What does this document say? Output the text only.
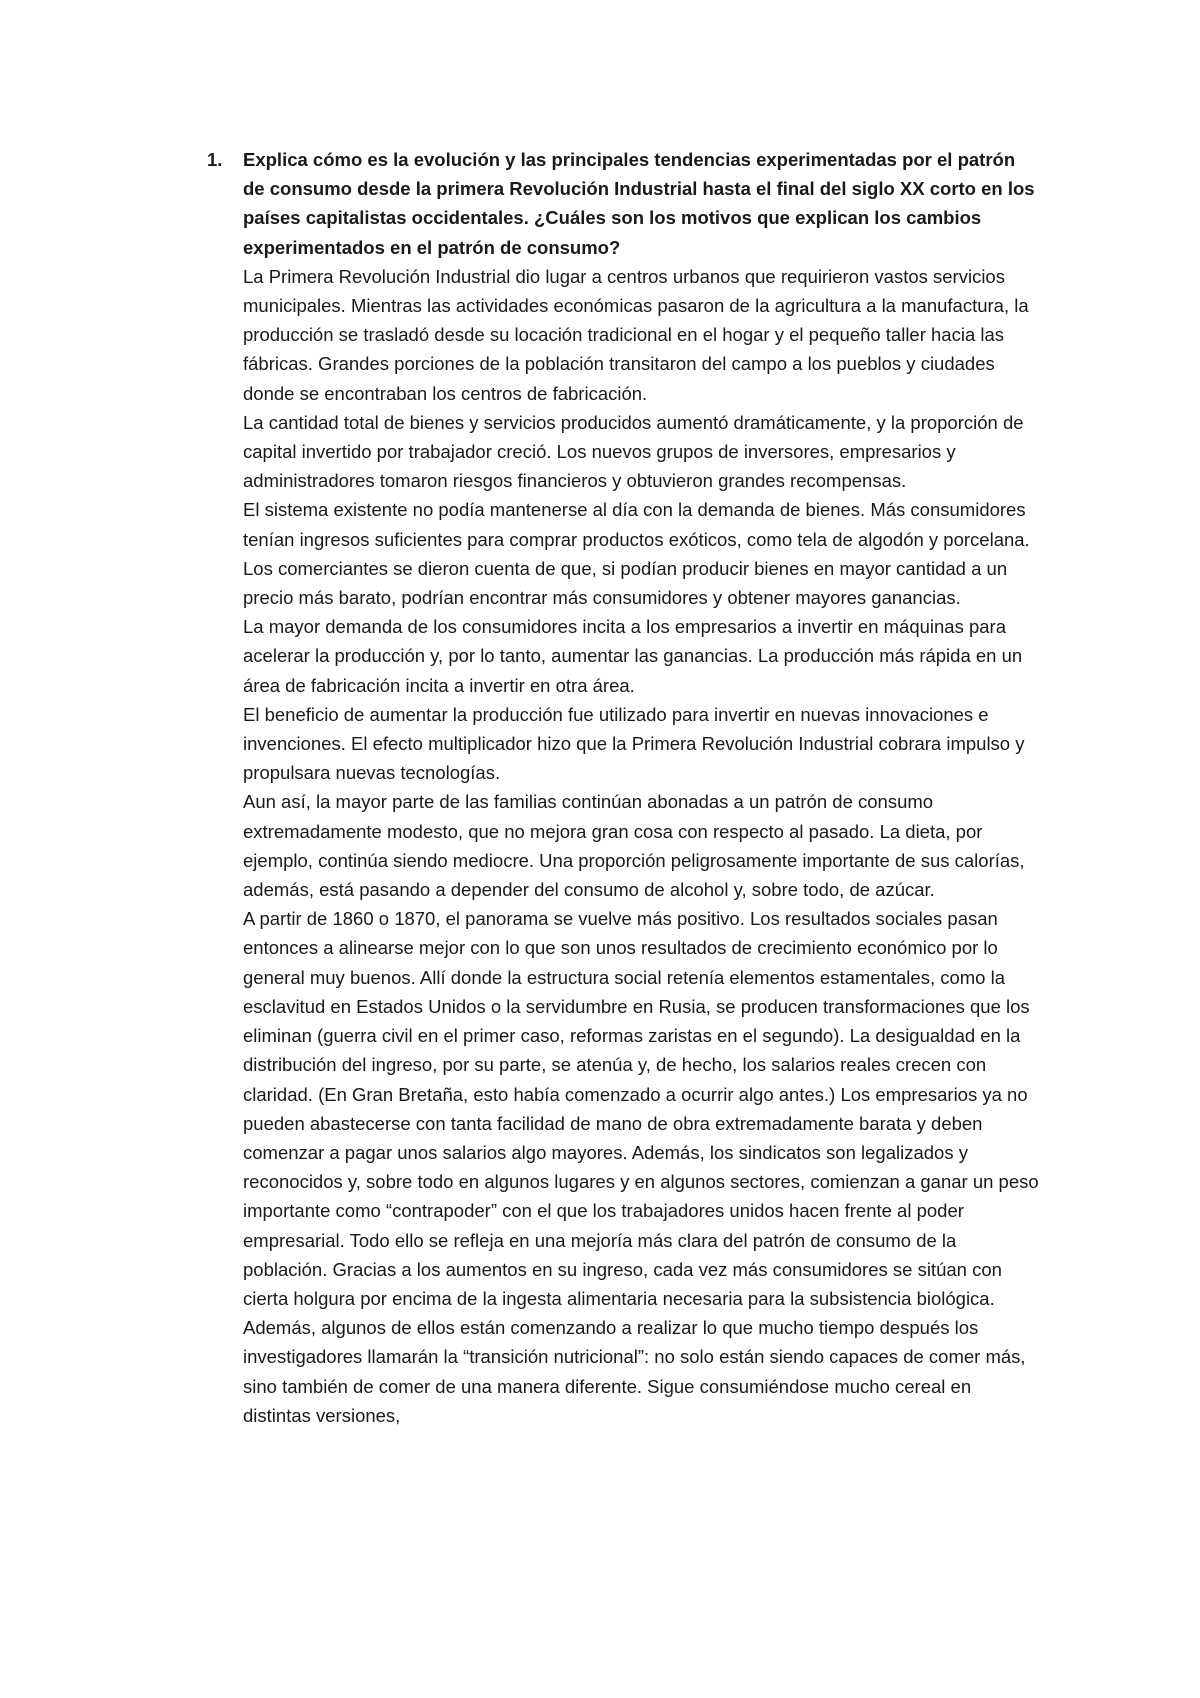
1.	Explica cómo es la evolución y las principales tendencias experimentadas por el patrón de consumo desde la primera Revolución Industrial hasta el final del siglo XX corto en los países capitalistas occidentales. ¿Cuáles son los motivos que explican los cambios experimentados en el patrón de consumo?

La Primera Revolución Industrial dio lugar a centros urbanos que requirieron vastos servicios municipales. Mientras las actividades económicas pasaron de la agricultura a la manufactura, la producción se trasladó desde su locación tradicional en el hogar y el pequeño taller hacia las fábricas. Grandes porciones de la población transitaron del campo a los pueblos y ciudades donde se encontraban los centros de fabricación.

La cantidad total de bienes y servicios producidos aumentó dramáticamente, y la proporción de capital invertido por trabajador creció. Los nuevos grupos de inversores, empresarios y administradores tomaron riesgos financieros y obtuvieron grandes recompensas.

El sistema existente no podía mantenerse al día con la demanda de bienes. Más consumidores tenían ingresos suficientes para comprar productos exóticos, como tela de algodón y porcelana. Los comerciantes se dieron cuenta de que, si podían producir bienes en mayor cantidad a un precio más barato, podrían encontrar más consumidores y obtener mayores ganancias.

La mayor demanda de los consumidores incita a los empresarios a invertir en máquinas para acelerar la producción y, por lo tanto, aumentar las ganancias. La producción más rápida en un área de fabricación incita a invertir en otra área.

El beneficio de aumentar la producción fue utilizado para invertir en nuevas innovaciones e invenciones. El efecto multiplicador hizo que la Primera Revolución Industrial cobrara impulso y propulsara nuevas tecnologías.

Aun así, la mayor parte de las familias continúan abonadas a un patrón de consumo extremadamente modesto, que no mejora gran cosa con respecto al pasado. La dieta, por ejemplo, continúa siendo mediocre. Una proporción peligrosamente importante de sus calorías, además, está pasando a depender del consumo de alcohol y, sobre todo, de azúcar.

A partir de 1860 o 1870, el panorama se vuelve más positivo. Los resultados sociales pasan entonces a alinearse mejor con lo que son unos resultados de crecimiento económico por lo general muy buenos. Allí donde la estructura social retenía elementos estamentales, como la esclavitud en Estados Unidos o la servidumbre en Rusia, se producen transformaciones que los eliminan (guerra civil en el primer caso, reformas zaristas en el segundo). La desigualdad en la distribución del ingreso, por su parte, se atenúa y, de hecho, los salarios reales crecen con claridad. (En Gran Bretaña, esto había comenzado a ocurrir algo antes.) Los empresarios ya no pueden abastecerse con tanta facilidad de mano de obra extremadamente barata y deben comenzar a pagar unos salarios algo mayores. Además, los sindicatos son legalizados y reconocidos y, sobre todo en algunos lugares y en algunos sectores, comienzan a ganar un peso importante como “contrapoder” con el que los trabajadores unidos hacen frente al poder empresarial. Todo ello se refleja en una mejoría más clara del patrón de consumo de la población. Gracias a los aumentos en su ingreso, cada vez más consumidores se sitúan con cierta holgura por encima de la ingesta alimentaria necesaria para la subsistencia biológica. Además, algunos de ellos están comenzando a realizar lo que mucho tiempo después los investigadores llamarán la “transición nutricional”: no solo están siendo capaces de comer más, sino también de comer de una manera diferente. Sigue consumiéndose mucho cereal en distintas versiones,
